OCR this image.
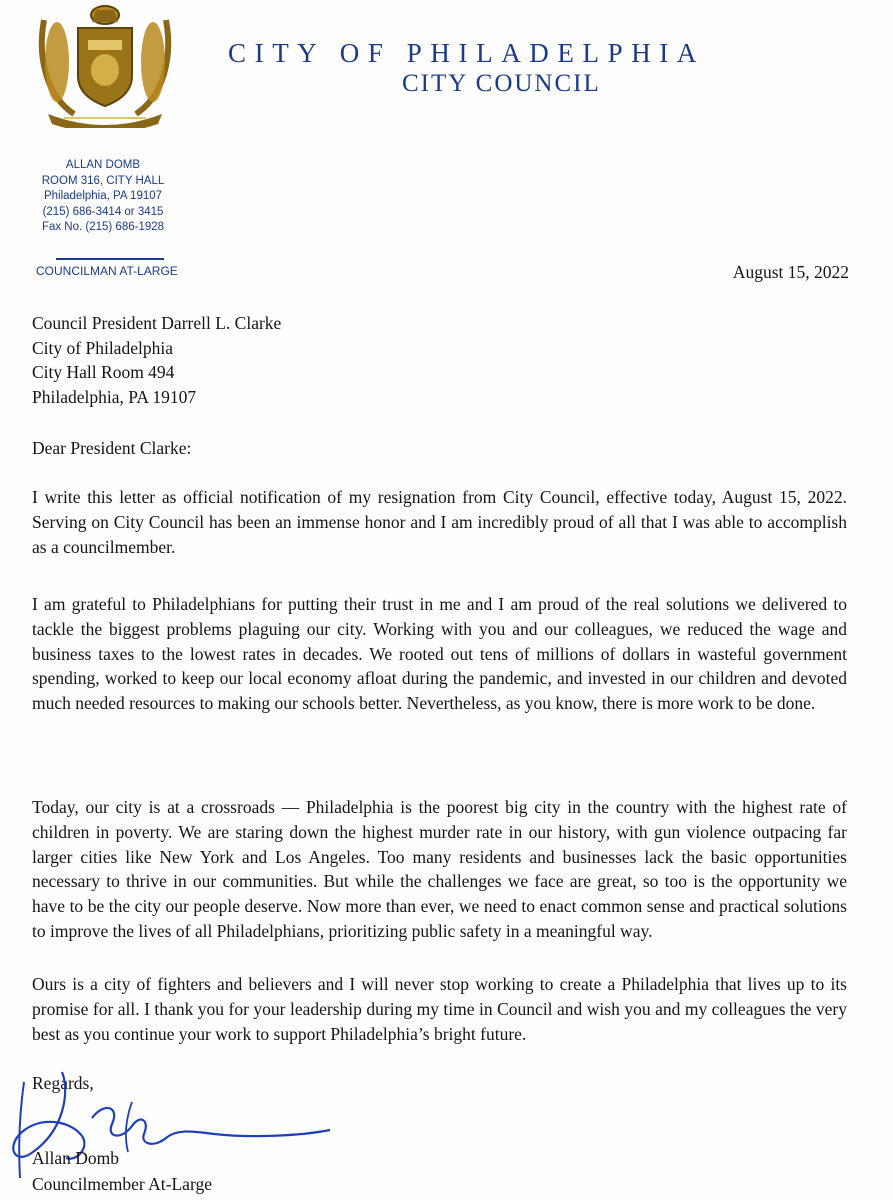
CITY OF PHILADELPHIA
CITY COUNCIL
ALLAN DOMB
ROOM 316, CITY HALL
Philadelphia, PA 19107
(215) 686-3414 or 3415
Fax No. (215) 686-1928
COUNCILMAN AT-LARGE	August 15, 2022
Council President Darrell L. Clarke
City of Philadelphia
City Hall Room 494
Philadelphia, PA 19107
Dear President Clarke:

I write this letter as official notification of my resignation from City Council, effective today, August 15, 2022. Serving on City Council has been an immense honor and I am incredibly proud of all that I was able to accomplish as a councilmember.

I am grateful to Philadelphians for putting their trust in me and I am proud of the real solutions we delivered to tackle the biggest problems plaguing our city. Working with you and our colleagues, we reduced the wage and business taxes to the lowest rates in decades. We rooted out tens of millions of dollars in wasteful government spending, worked to keep our local economy afloat during the pandemic, and invested in our children and devoted much needed resources to making our schools better. Nevertheless, as you know, there is more work to be done.

Today, our city is at a crossroads — Philadelphia is the poorest big city in the country with the highest rate of children in poverty. We are staring down the highest murder rate in our history, with gun violence outpacing far larger cities like New York and Los Angeles. Too many residents and businesses lack the basic opportunities necessary to thrive in our communities. But while the challenges we face are great, so too is the opportunity we have to be the city our people deserve. Now more than ever, we need to enact common sense and practical solutions to improve the lives of all Philadelphians, prioritizing public safety in a meaningful way.

Ours is a city of fighters and believers and I will never stop working to create a Philadelphia that lives up to its promise for all. I thank you for your leadership during my time in Council and wish you and my colleagues the very best as you continue your work to support Philadelphia’s bright future.

Regards,
Allan Domb
Councilmember At-Large
